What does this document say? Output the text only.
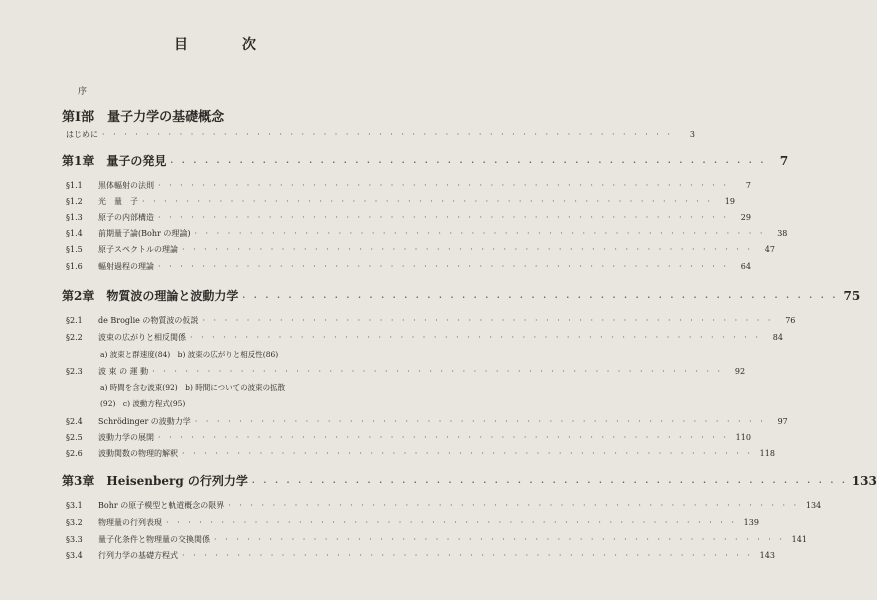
目　次
序
第Ⅰ部　量子力学の基礎概念
はじめに · · · · · · · · · · · · · · · · · · · · · · · · · · · · · · · · · · · · · · · · · · · · · · · · · · · ·	3
第1章　量子の発見 · · · · · · · · · · · · · · · · · · · · · · · · · · · · · · · · · · · · · · · · · · · · · · · · · · · ·	7
§1.1 黒体輻射の法則 · · · · · · · · · · · · · · · · · · · · · · · · · · · · · · · · · · · · · · · · · · · · · · · · · · · ·	7
§1.2 光　量　子 · · · · · · · · · · · · · · · · · · · · · · · · · · · · · · · · · · · · · · · · · · · · · · · · · · · ·	19
§1.3 原子の内部構造 · · · · · · · · · · · · · · · · · · · · · · · · · · · · · · · · · · · · · · · · · · · · · · · · · · · ·	29
§1.4 前期量子論(Bohr の理論) · · · · · · · · · · · · · · · · · · · · · · · · · · · · · · · · · · · · · · · · · · · · · · · · · · · ·	38
§1.5 原子スペクトルの理論 · · · · · · · · · · · · · · · · · · · · · · · · · · · · · · · · · · · · · · · · · · · · · · · · · · · ·	47
§1.6 輻射過程の理論 · · · · · · · · · · · · · · · · · · · · · · · · · · · · · · · · · · · · · · · · · · · · · · · · · · · ·	64
第2章　物質波の理論と波動力学 · · · · · · · · · · · · · · · · · · · · · · · · · · · · · · · · · · · · · · · · · · · · · · · · · · · · 75
§2.1 de Broglie の物質波の仮説 · · · · · · · · · · · · · · · · · · · · · · · · · · · · · · · · · · · · · · · · · · · · · · · · · · · ·	76
§2.2 波束の広がりと相反関係 · · · · · · · · · · · · · · · · · · · · · · · · · · · · · · · · · · · · · · · · · · · · · · · · · · · ·	84
a) 波束と群速度(84)　b) 波束の広がりと相反性(86)
§2.3 波 束 の 運 動 · · · · · · · · · · · · · · · · · · · · · · · · · · · · · · · · · · · · · · · · · · · · · · · · · · · ·	92
a) 時間を含む波束(92)　b) 時間についての波束の拡散
(92)　c) 波動方程式(95)
§2.4 Schrödinger の波動力学 · · · · · · · · · · · · · · · · · · · · · · · · · · · · · · · · · · · · · · · · · · · · · · · · · · · ·	97
§2.5 波動力学の展開 · · · · · · · · · · · · · · · · · · · · · · · · · · · · · · · · · · · · · · · · · · · · · · · · · · · · 110
§2.6 波動関数の物理的解釈 · · · · · · · · · · · · · · · · · · · · · · · · · · · · · · · · · · · · · · · · · · · · · · · · · · · · 118
第3章　Heisenberg の行列力学 · · · · · · · · · · · · · · · · · · · · · · · · · · · · · · · · · · · · · · · · · · · · · · · · · · · · 133
§3.1 Bohr の原子模型と軌道概念の限界 · · · · · · · · · · · · · · · · · · · · · · · · · · · · · · · · · · · · · · · · · · · · · · · · · · · · 134
§3.2 物理量の行列表現 · · · · · · · · · · · · · · · · · · · · · · · · · · · · · · · · · · · · · · · · · · · · · · · · · · · · 139
§3.3 量子化条件と物理量の交換関係 · · · · · · · · · · · · · · · · · · · · · · · · · · · · · · · · · · · · · · · · · · · · · · · · · · · · 141
§3.4 行列力学の基礎方程式 · · · · · · · · · · · · · · · · · · · · · · · · · · · · · · · · · · · · · · · · · · · · · · · · · · · · 143
